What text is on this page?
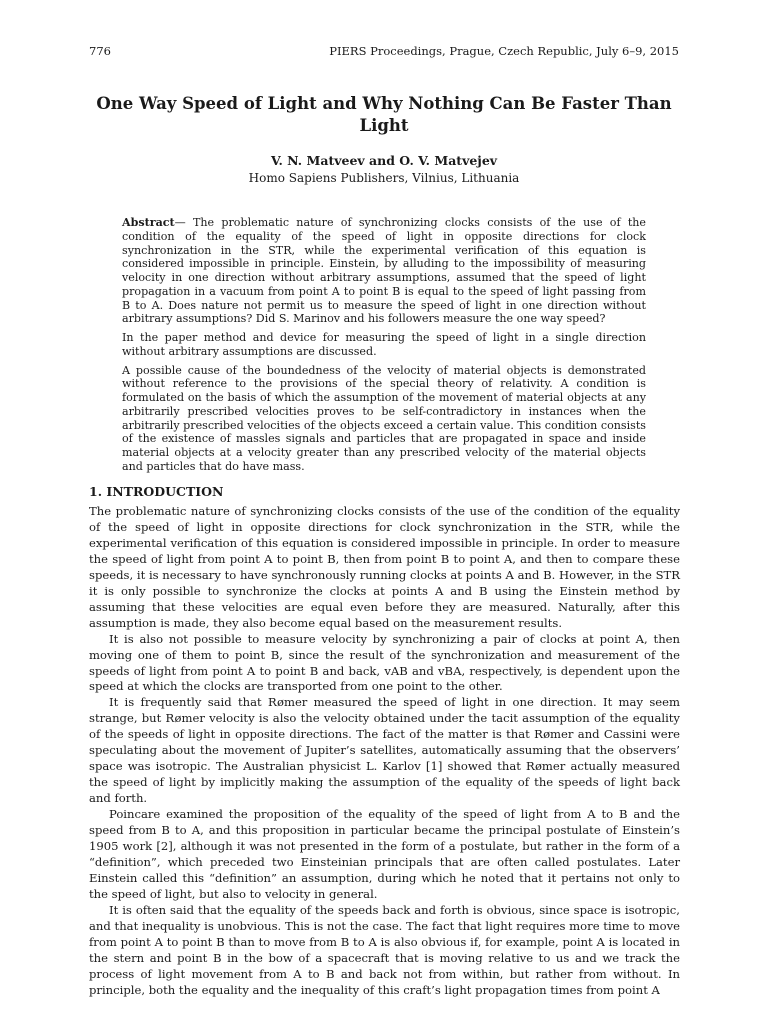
776	PIERS Proceedings, Prague, Czech Republic, July 6–9, 2015
One Way Speed of Light and Why Nothing Can Be Faster Than Light
V. N. Matveev and O. V. Matvejev
Homo Sapiens Publishers, Vilnius, Lithuania

Abstract— The problematic nature of synchronizing clocks consists of the use of the condition of the equality of the speed of light in opposite directions for clock synchronization in the STR, while the experimental verification of this equation is considered impossible in principle. Einstein, by alluding to the impossibility of measuring velocity in one direction without arbitrary assumptions, assumed that the speed of light propagation in a vacuum from point A to point B is equal to the speed of light passing from B to A. Does nature not permit us to measure the speed of light in one direction without arbitrary assumptions? Did S. Marinov and his followers measure the one way speed?

In the paper method and device for measuring the speed of light in a single direction without arbitrary assumptions are discussed.

A possible cause of the boundedness of the velocity of material objects is demonstrated without reference to the provisions of the special theory of relativity. A condition is formulated on the basis of which the assumption of the movement of material objects at any arbitrarily prescribed velocities proves to be self-contradictory in instances when the arbitrarily prescribed velocities of the objects exceed a certain value. This condition consists of the existence of massles signals and particles that are propagated in space and inside material objects at a velocity greater than any prescribed velocity of the material objects and particles that do have mass.

1. INTRODUCTION

The problematic nature of synchronizing clocks consists of the use of the condition of the equality of the speed of light in opposite directions for clock synchronization in the STR, while the experimental verification of this equation is considered impossible in principle. In order to measure the speed of light from point A to point B, then from point B to point A, and then to compare these speeds, it is necessary to have synchronously running clocks at points A and B. However, in the STR it is only possible to synchronize the clocks at points A and B using the Einstein method by assuming that these velocities are equal even before they are measured. Naturally, after this assumption is made, they also become equal based on the measurement results.

It is also not possible to measure velocity by synchronizing a pair of clocks at point A, then moving one of them to point B, since the result of the synchronization and measurement of the speeds of light from point A to point B and back, vAB and vBA, respectively, is dependent upon the speed at which the clocks are transported from one point to the other.

It is frequently said that Rømer measured the speed of light in one direction. It may seem strange, but Rømer velocity is also the velocity obtained under the tacit assumption of the equality of the speeds of light in opposite directions. The fact of the matter is that Rømer and Cassini were speculating about the movement of Jupiter’s satellites, automatically assuming that the observers’ space was isotropic. The Australian physicist L. Karlov [1] showed that Rømer actually measured the speed of light by implicitly making the assumption of the equality of the speeds of light back and forth.

Poincare examined the proposition of the equality of the speed of light from A to B and the speed from B to A, and this proposition in particular became the principal postulate of Einstein’s 1905 work [2], although it was not presented in the form of a postulate, but rather in the form of a “definition”, which preceded two Einsteinian principals that are often called postulates. Later Einstein called this “definition” an assumption, during which he noted that it pertains not only to the speed of light, but also to velocity in general.

It is often said that the equality of the speeds back and forth is obvious, since space is isotropic, and that inequality is unobvious. This is not the case. The fact that light requires more time to move from point A to point B than to move from B to A is also obvious if, for example, point A is located in the stern and point B in the bow of a spacecraft that is moving relative to us and we track the process of light movement from A to B and back not from within, but rather from without. In principle, both the equality and the inequality of this craft’s light propagation times from point A
